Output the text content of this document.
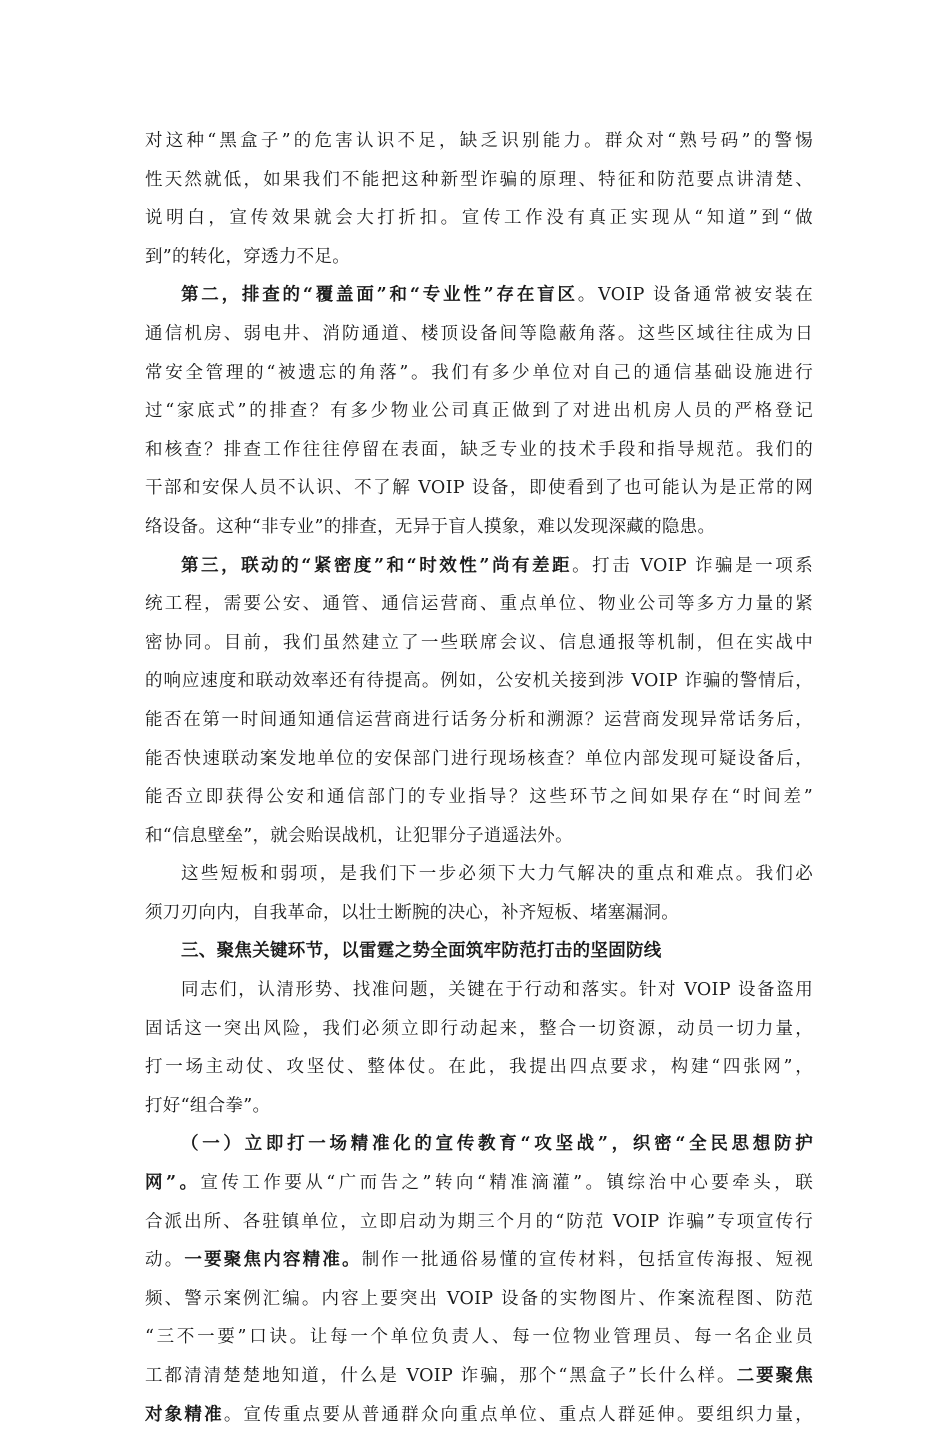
对这种“黑盒子”的危害认识不足，缺乏识别能力。群众对“熟号码”的警惕
性天然就低，如果我们不能把这种新型诈骗的原理、特征和防范要点讲清楚、
说明白，宣传效果就会大打折扣。宣传工作没有真正实现从“知道”到“做
到”的转化，穿透力不足。
第二，排查的“覆盖面”和“专业性”存在盲区。VOIP 设备通常被安装在
通信机房、弱电井、消防通道、楼顶设备间等隐蔽角落。这些区域往往成为日
常安全管理的“被遗忘的角落”。我们有多少单位对自己的通信基础设施进行
过“家底式”的排查？有多少物业公司真正做到了对进出机房人员的严格登记
和核查？排查工作往往停留在表面，缺乏专业的技术手段和指导规范。我们的
干部和安保人员不认识、不了解 VOIP 设备，即使看到了也可能认为是正常的网
络设备。这种“非专业”的排查，无异于盲人摸象，难以发现深藏的隐患。
第三，联动的“紧密度”和“时效性”尚有差距。打击 VOIP 诈骗是一项系
统工程，需要公安、通管、通信运营商、重点单位、物业公司等多方力量的紧
密协同。目前，我们虽然建立了一些联席会议、信息通报等机制，但在实战中
的响应速度和联动效率还有待提高。例如，公安机关接到涉 VOIP 诈骗的警情后，
能否在第一时间通知通信运营商进行话务分析和溯源？运营商发现异常话务后，
能否快速联动案发地单位的安保部门进行现场核查？单位内部发现可疑设备后，
能否立即获得公安和通信部门的专业指导？这些环节之间如果存在“时间差”
和“信息壁垒”，就会贻误战机，让犯罪分子逍遥法外。
这些短板和弱项，是我们下一步必须下大力气解决的重点和难点。我们必
须刀刃向内，自我革命，以壮士断腕的决心，补齐短板、堵塞漏洞。
三、聚焦关键环节，以雷霆之势全面筑牢防范打击的坚固防线
同志们，认清形势、找准问题，关键在于行动和落实。针对 VOIP 设备盗用
固话这一突出风险，我们必须立即行动起来，整合一切资源，动员一切力量，
打一场主动仗、攻坚仗、整体仗。在此，我提出四点要求，构建“四张网”，
打好“组合拳”。
（一）立即打一场精准化的宣传教育“攻坚战”，织密“全民思想防护
网”。宣传工作要从“广而告之”转向“精准滴灌”。镇综治中心要牵头，联
合派出所、各驻镇单位，立即启动为期三个月的“防范 VOIP 诈骗”专项宣传行
动。一要聚焦内容精准。制作一批通俗易懂的宣传材料，包括宣传海报、短视
频、警示案例汇编。内容上要突出 VOIP 设备的实物图片、作案流程图、防范
“三不一要”口诀。让每一个单位负责人、每一位物业管理员、每一名企业员
工都清清楚楚地知道，什么是 VOIP 诈骗，那个“黑盒子”长什么样。二要聚焦
对象精准。宣传重点要从普通群众向重点单位、重点人群延伸。要组织力量，
